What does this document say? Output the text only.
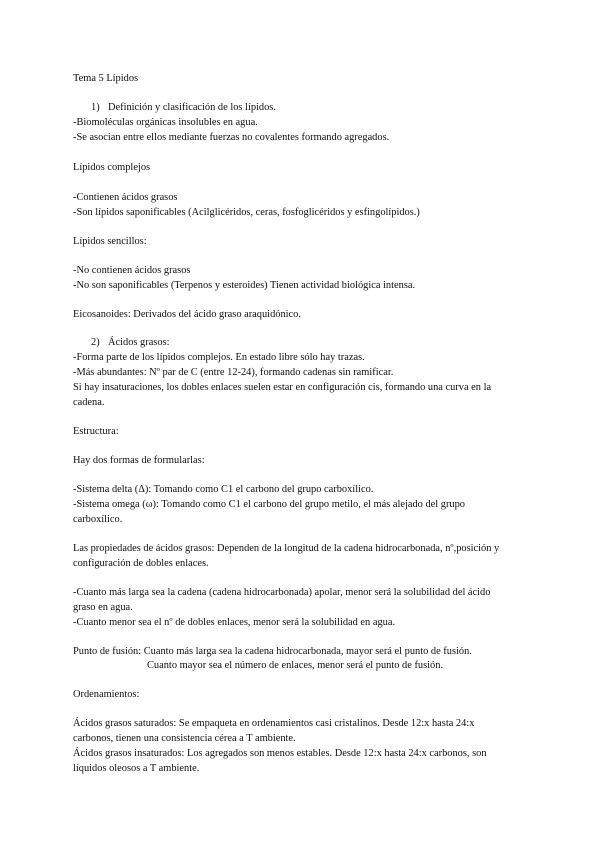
Tema 5 Lípidos
1) Definición y clasificación de los lípidos.
-Biomoléculas orgánicas insolubles en agua.
-Se asocian entre ellos mediante fuerzas no covalentes formando agregados.
Lípidos complejos
-Contienen ácidos grasos
-Son lípidos saponificables (Acilglicéridos, ceras, fosfoglicéridos y esfingolípidos.)
Lípidos sencillos:
-No contienen ácidos grasos
-No son saponificables (Terpenos y esteroides) Tienen actividad biológica intensa.
Eicosanoides: Derivados del ácido graso araquidónico.
2) Ácidos grasos:
-Forma parte de los lípidos complejos. En estado libre sólo hay trazas.
-Más abundantes: Nº par de C (entre 12-24), formando cadenas sin ramificar.
Si hay insaturaciones, los dobles enlaces suelen estar en configuración cis, formando una curva en la
cadena.
Estructura:
Hay dos formas de formularlas:
-Sistema delta (Δ): Tomando como C1 el carbono del grupo carboxílico.
-Sistema omega (ω): Tomando como C1 el carbono del grupo metilo, el más alejado del grupo
carboxílico.
Las propiedades de ácidos grasos: Dependen de la longitud de la cadena hidrocarbonada, nº,posición y
configuración de dobles enlaces.
-Cuanto más larga sea la cadena (cadena hidrocarbonada) apolar, menor será la solubilidad del ácido
graso en agua.
-Cuanto menor sea el nº de dobles enlaces, menor será la solubilidad en agua.
Punto de fusión: Cuanto más larga sea la cadena hidrocarbonada, mayor será el punto de fusión.
Cuanto mayor sea el número de enlaces, menor será el punto de fusión.
Ordenamientos:
Ácidos grasos saturados: Se empaqueta en ordenamientos casi cristalinos. Desde 12:x hasta 24:x
carbonos, tienen una consistencia cérea a T ambiente.
Ácidos grasos insaturados: Los agregados son menos estables. Desde 12:x hasta 24:x carbonos, son
líquidos oleosos a T ambiente.
